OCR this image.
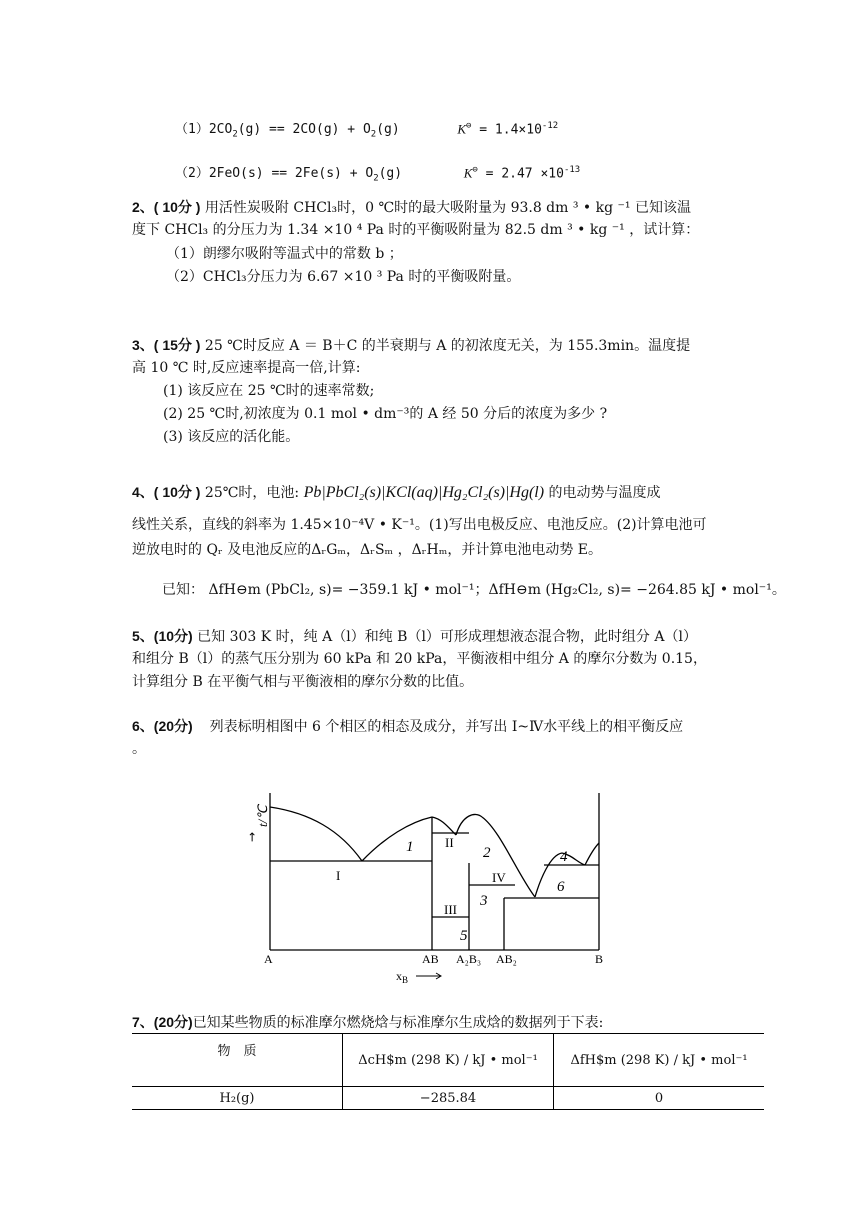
$(1)2CO_2(g) == 2CO(g) + O_2(g)$	$K^⊖ = 1.4\times 10^{-12}$
$(2)2FeO(s) == 2Fe(s) + O_2(g)$	$K^⊖ = 2.47 \times 10^{-13}$
2、( 10分 ) 用活性炭吸附 CHCl₃时，0 ℃时的最大吸附量为 93.8 dm ³ • kg ⁻¹ 已知该温
度下 CHCl₃ 的分压力为 1.34 ×10 ⁴ Pa 时的平衡吸附量为 82.5 dm ³ • kg ⁻¹ ，试计算：
（1）朗缪尔吸附等温式中的常数 b ；
（2）CHCl₃分压力为 6.67 ×10 ³ Pa 时的平衡吸附量。
3、( 15分 ) 25 ℃时反应 A ＝ B＋C 的半衰期与 A 的初浓度无关，为 155.3min。温度提
高 10 ℃ 时,反应速率提高一倍,计算:
(1) 该反应在 25 ℃时的速率常数;
(2) 25 ℃时,初浓度为 0.1 mol • dm⁻³的 A 经 50 分后的浓度为多少 ?
(3) 该反应的活化能。
4、( 10分 ) 25℃时，电池: Pb|PbCl₂(s)|KCl(aq)|Hg₂Cl₂(s)|Hg(l) 的电动势与温度成
线性关系，直线的斜率为 1.45×10⁻⁴V • K⁻¹。(1)写出电极反应、电池反应。(2)计算电池可
逆放电时的 Qᵣ 及电池反应的ΔᵣGₘ，ΔᵣSₘ ，ΔᵣHₘ，并计算电池电动势 E。
已知： ΔfH⊖m (PbCl₂, s)= −359.1 kJ • mol⁻¹；ΔfH⊖m (Hg₂Cl₂, s)= −264.85 kJ • mol⁻¹。
5、(10分) 已知 303 K 时，纯 A（l）和纯 B（l）可形成理想液态混合物，此时组分 A（l）
和组分 B（l）的蒸气压分别为 60 kPa 和 20 kPa，平衡液相中组分 A 的摩尔分数为 0.15，
计算组分 B 在平衡气相与平衡液相的摩尔分数的比值。
6、(20分) 列表标明相图中 6 个相区的相态及成分，并写出 I~Ⅳ水平线上的相平衡反应
。
t/℃
→
I
II
III
IV
1	2
3
4
5
6
A	AB A₂B₃ AB₂	B
$x_B$
7、(20分)已知某些物质的标准摩尔燃烧焓与标准摩尔生成焓的数据列于下表:
物　质	ΔcH$m (298 K) / kJ • mol⁻¹	ΔfH$m (298 K) / kJ • mol⁻¹
H₂(g)	−285.84	0
